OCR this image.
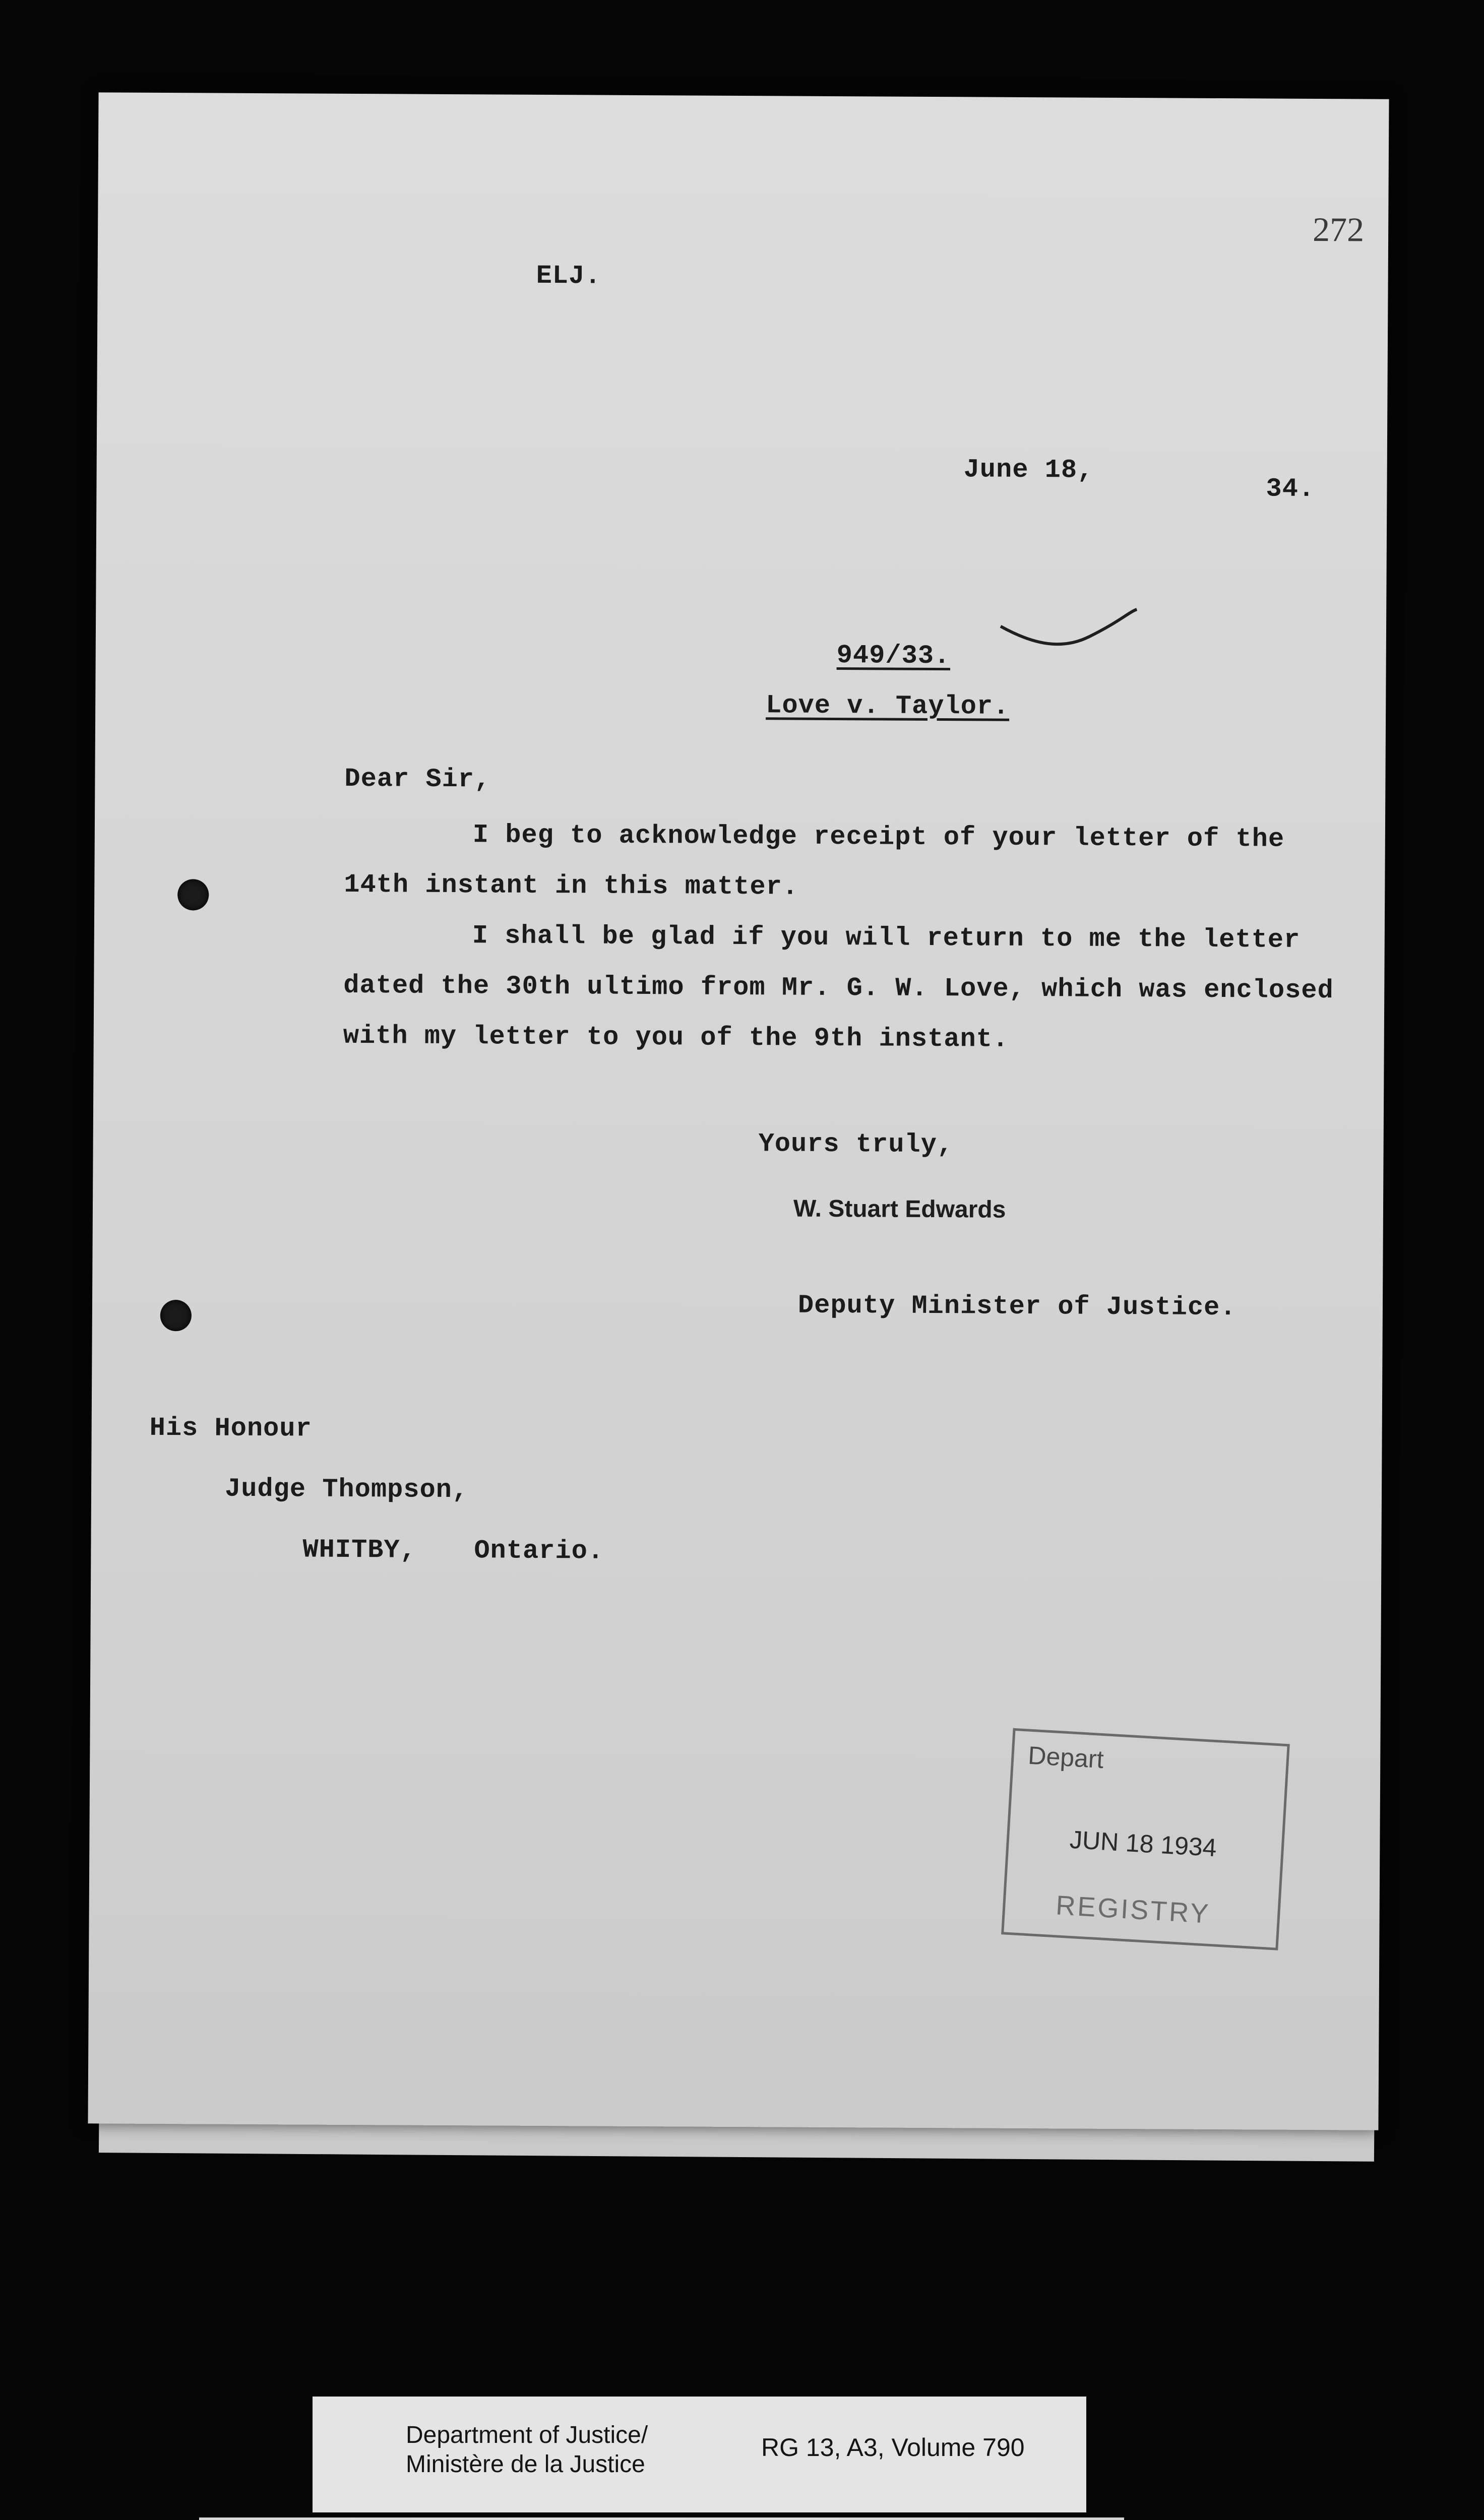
272
ELJ.
June 18,
34.
949/33.
Love v. Taylor.
Dear Sir,
I beg to acknowledge receipt of your letter of the
14th instant in this matter.
I shall be glad if you will return to me the letter
dated the 30th ultimo from Mr. G. W. Love, which was enclosed
with my letter to you of the 9th instant.
Yours truly,
W. Stuart Edwards
Deputy Minister of Justice.
His Honour
Judge Thompson,
WHITBY, Ontario.
Depart
JUN 18 1934
REGISTRY
Department of Justice/
Ministère de la Justice
RG 13, A3, Volume 790
